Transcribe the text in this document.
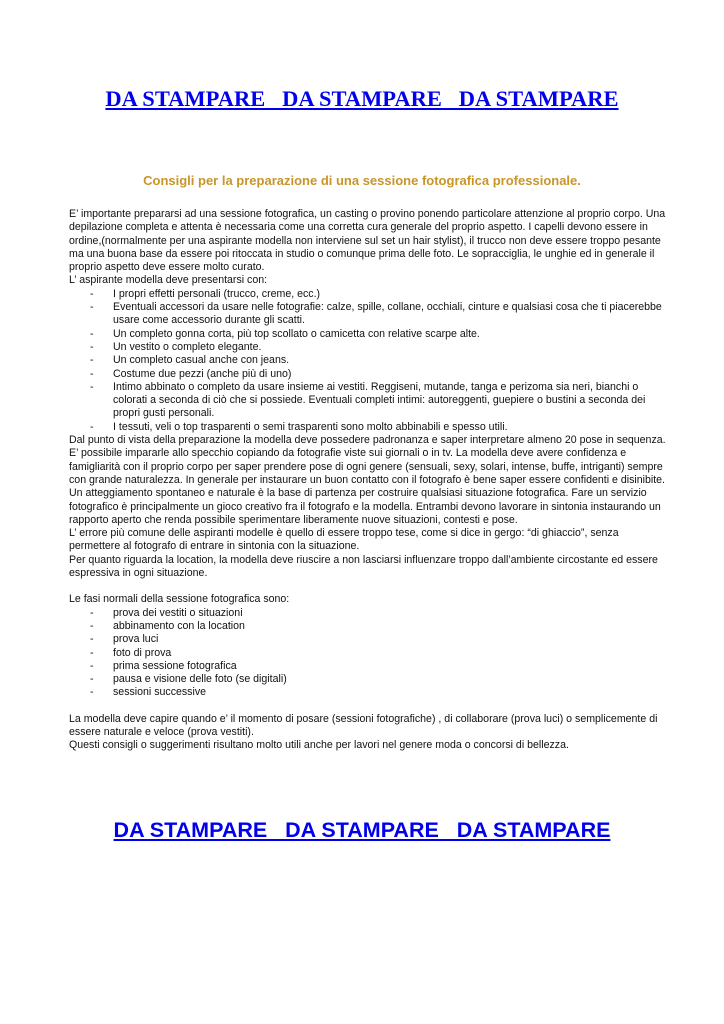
DA STAMPARE   DA STAMPARE   DA STAMPARE
Consigli per la preparazione di una sessione fotografica professionale.

E’ importante prepararsi ad una sessione fotografica, un casting o provino ponendo particolare attenzione al proprio corpo. Una depilazione completa e attenta è necessaria come una corretta cura generale del proprio aspetto. I capelli devono essere in ordine,(normalmente per una aspirante modella non interviene sul set un hair stylist), il trucco non deve essere troppo pesante ma una buona base da essere poi ritoccata in studio o comunque prima delle foto. Le sopracciglia, le unghie ed in generale il proprio aspetto deve essere molto curato.

L’ aspirante modella deve presentarsi con:

- I propri effetti personali (trucco, creme, ecc.)
- Eventuali accessori da usare nelle fotografie: calze, spille, collane, occhiali, cinture e qualsiasi cosa che ti piacerebbe usare come accessorio durante gli scatti.
- Un completo gonna corta, più top scollato o camicetta con relative scarpe alte.
- Un vestito o completo elegante.
- Un completo casual anche con jeans.
- Costume due pezzi (anche più di uno)
- Intimo abbinato o completo da usare insieme ai vestiti. Reggiseni, mutande, tanga e perizoma sia neri, bianchi o colorati a seconda di ciò che si possiede. Eventuali completi intimi: autoreggenti, guepiere o bustini a seconda dei propri gusti personali.
- I tessuti, veli o top trasparenti o semi trasparenti sono molto abbinabili e spesso utili.

Dal punto di vista della preparazione la modella deve possedere padronanza e saper interpretare almeno 20 pose in sequenza. E’ possibile impararle allo specchio copiando da fotografie viste sui giornali o in tv. La modella deve avere confidenza e famigliarità con il proprio corpo per saper prendere pose di ogni genere (sensuali, sexy, solari, intense, buffe, intriganti) sempre con grande naturalezza. In generale per instaurare un buon contatto con il fotografo è bene saper essere confidenti e disinibite. Un atteggiamento spontaneo e naturale è la base di partenza per costruire qualsiasi situazione fotografica. Fare un servizio fotografico è principalmente un gioco creativo fra il fotografo e la modella. Entrambi devono lavorare in sintonia instaurando un rapporto aperto che renda possibile sperimentare liberamente nuove situazioni, contesti e pose.

L’ errore più comune delle aspiranti modelle è quello di essere troppo tese, come si dice in gergo: “di ghiaccio”, senza permettere al fotografo di entrare in sintonia con la situazione.

Per quanto riguarda la location, la modella deve riuscire a non lasciarsi influenzare troppo dall’ambiente circostante ed essere espressiva in ogni situazione.

Le fasi normali della sessione fotografica sono:

- prova dei vestiti o situazioni
- abbinamento con la location
- prova luci
- foto di prova
- prima sessione fotografica
- pausa e visione delle foto (se digitali)
- sessioni successive

La modella deve capire quando e’ il momento di posare (sessioni fotografiche) , di collaborare (prova luci) o semplicemente di essere naturale e veloce (prova vestiti).

Questi consigli o suggerimenti risultano molto utili anche per lavori nel genere moda o concorsi di bellezza.

DA STAMPARE   DA STAMPARE   DA STAMPARE
